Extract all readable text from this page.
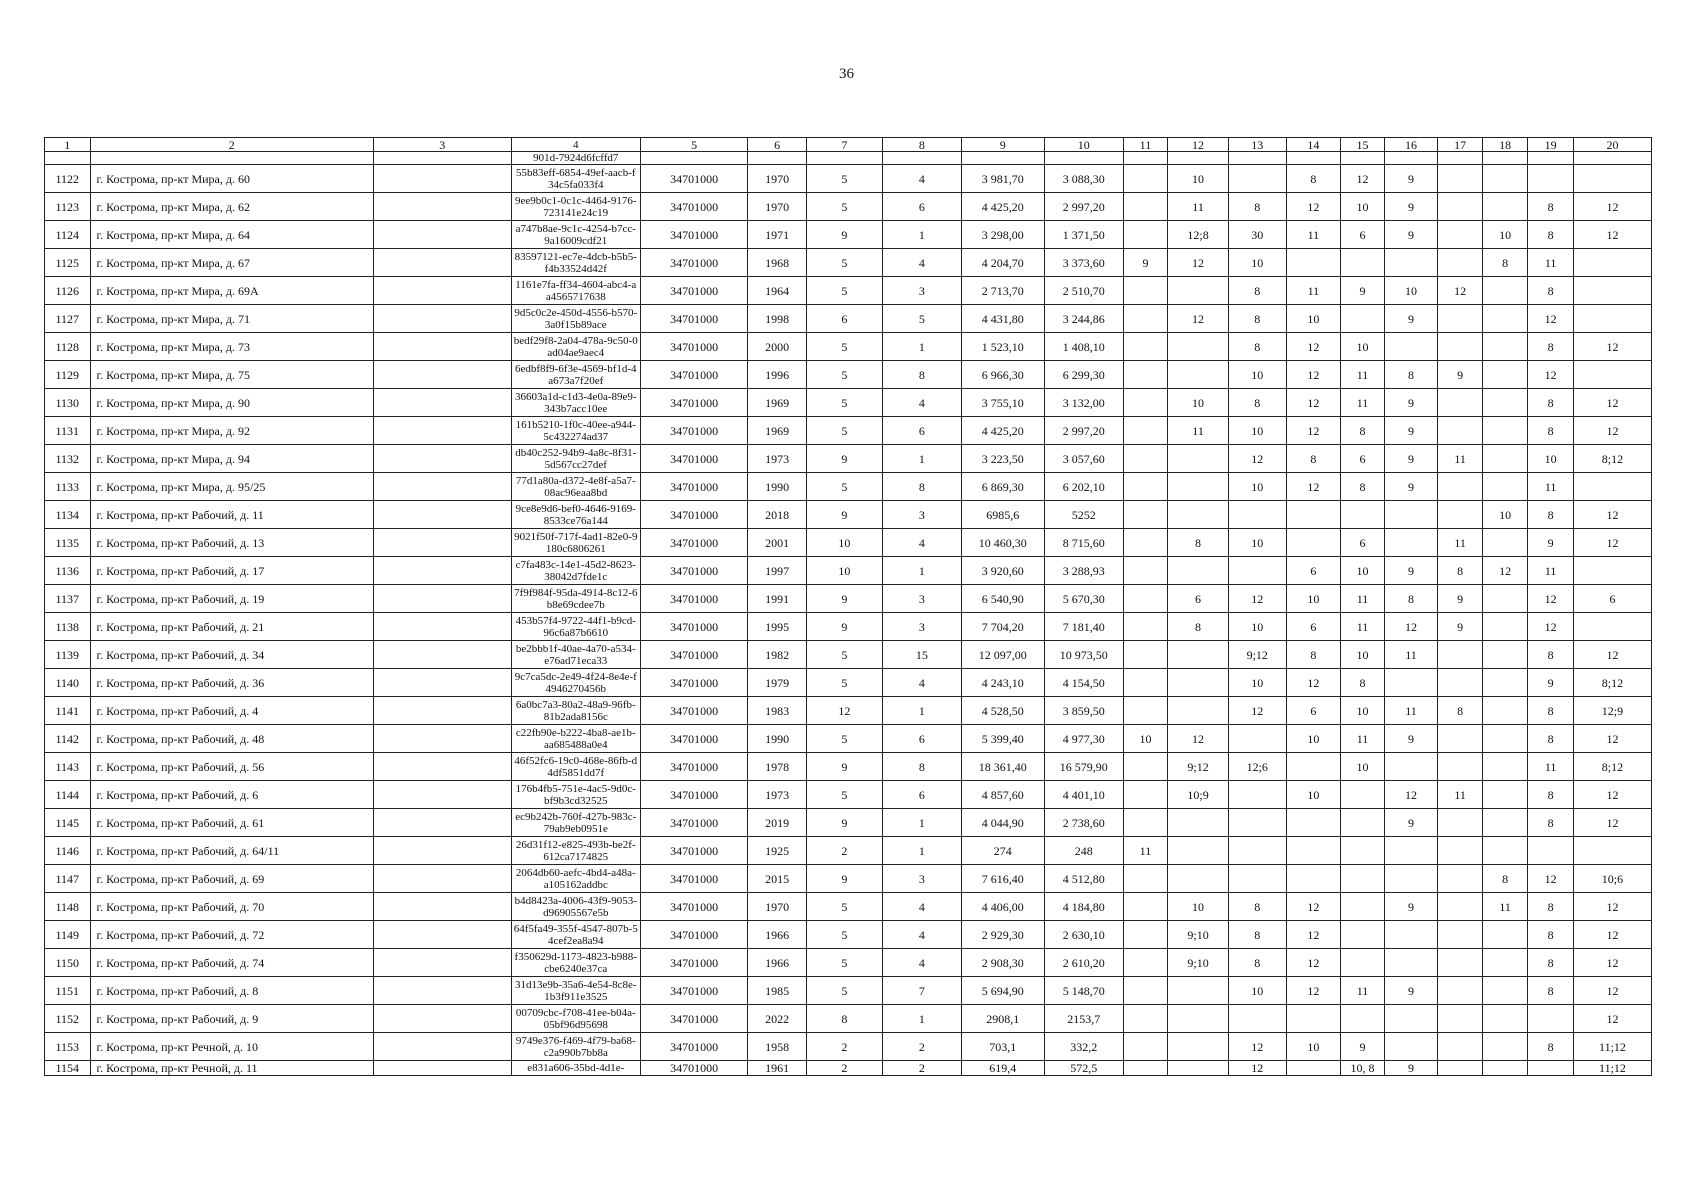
36
1	2	3	4	5	6	7	8	9	10	11	12	13	14	15	16	17	18	19	20
			901d-7924d6fcffd7																
1122	г. Кострома, пр-кт Мира, д. 60		55b83eff-6854-49ef-aacb-f34c5fa033f4	34701000	1970	5	4	3 981,70	3 088,30		10		8	12	9				
1123	г. Кострома, пр-кт Мира, д. 62		9ee9b0c1-0c1c-4464-9176-723141e24c19	34701000	1970	5	6	4 425,20	2 997,20		11	8	12	10	9			8	12
1124	г. Кострома, пр-кт Мира, д. 64		a747b8ae-9c1c-4254-b7cc-9a16009cdf21	34701000	1971	9	1	3 298,00	1 371,50		12;8	30	11	6	9		10	8	12
1125	г. Кострома, пр-кт Мира, д. 67		83597121-ec7e-4dcb-b5b5-f4b33524d42f	34701000	1968	5	4	4 204,70	3 373,60	9	12	10					8	11	
1126	г. Кострома, пр-кт Мира, д. 69А		1161e7fa-ff34-4604-abc4-aa4565717638	34701000	1964	5	3	2 713,70	2 510,70			8	11	9	10	12		8	
1127	г. Кострома, пр-кт Мира, д. 71		9d5c0c2e-450d-4556-b570-3a0f15b89ace	34701000	1998	6	5	4 431,80	3 244,86		12	8	10		9			12	
1128	г. Кострома, пр-кт Мира, д. 73		bedf29f8-2a04-478a-9c50-0ad04ae9aec4	34701000	2000	5	1	1 523,10	1 408,10			8	12	10				8	12
1129	г. Кострома, пр-кт Мира, д. 75		6edbf8f9-6f3e-4569-bf1d-4a673a7f20ef	34701000	1996	5	8	6 966,30	6 299,30			10	12	11	8	9		12	
1130	г. Кострома, пр-кт Мира, д. 90		36603a1d-c1d3-4e0a-89e9-343b7acc10ee	34701000	1969	5	4	3 755,10	3 132,00		10	8	12	11	9			8	12
1131	г. Кострома, пр-кт Мира, д. 92		161b5210-1f0c-40ee-a944-5c432274ad37	34701000	1969	5	6	4 425,20	2 997,20		11	10	12	8	9			8	12
1132	г. Кострома, пр-кт Мира, д. 94		db40c252-94b9-4a8c-8f31-5d567cc27def	34701000	1973	9	1	3 223,50	3 057,60			12	8	6	9	11		10	8;12
1133	г. Кострома, пр-кт Мира, д. 95/25		77d1a80a-d372-4e8f-a5a7-08ac96eaa8bd	34701000	1990	5	8	6 869,30	6 202,10			10	12	8	9			11	
1134	г. Кострома, пр-кт Рабочий, д. 11		9ce8e9d6-bef0-4646-9169-8533ce76a144	34701000	2018	9	3	6985,6	5252								10	8	12
1135	г. Кострома, пр-кт Рабочий, д. 13		9021f50f-717f-4ad1-82e0-9180c6806261	34701000	2001	10	4	10 460,30	8 715,60		8	10		6		11		9	12
1136	г. Кострома, пр-кт Рабочий, д. 17		c7fa483c-14e1-45d2-8623-38042d7fde1c	34701000	1997	10	1	3 920,60	3 288,93				6	10	9	8	12	11	
1137	г. Кострома, пр-кт Рабочий, д. 19		7f9f984f-95da-4914-8c12-6b8e69cdee7b	34701000	1991	9	3	6 540,90	5 670,30		6	12	10	11	8	9		12	6
1138	г. Кострома, пр-кт Рабочий, д. 21		453b57f4-9722-44f1-b9cd-96c6a87b6610	34701000	1995	9	3	7 704,20	7 181,40		8	10	6	11	12	9		12	
1139	г. Кострома, пр-кт Рабочий, д. 34		be2bbb1f-40ae-4a70-a534-e76ad71eca33	34701000	1982	5	15	12 097,00	10 973,50			9;12	8	10	11			8	12
1140	г. Кострома, пр-кт Рабочий, д. 36		9c7ca5dc-2e49-4f24-8e4e-f4946270456b	34701000	1979	5	4	4 243,10	4 154,50			10	12	8				9	8;12
1141	г. Кострома, пр-кт Рабочий, д. 4		6a0bc7a3-80a2-48a9-96fb-81b2ada8156c	34701000	1983	12	1	4 528,50	3 859,50			12	6	10	11	8		8	12;9
1142	г. Кострома, пр-кт Рабочий, д. 48		c22fb90e-b222-4ba8-ae1b-aa685488a0e4	34701000	1990	5	6	5 399,40	4 977,30	10	12		10	11	9			8	12
1143	г. Кострома, пр-кт Рабочий, д. 56		46f52fc6-19c0-468e-86fb-d4df5851dd7f	34701000	1978	9	8	18 361,40	16 579,90		9;12	12;6		10				11	8;12
1144	г. Кострома, пр-кт Рабочий, д. 6		176b4fb5-751e-4ac5-9d0c-bf9b3cd32525	34701000	1973	5	6	4 857,60	4 401,10		10;9		10		12	11		8	12
1145	г. Кострома, пр-кт Рабочий, д. 61		ec9b242b-760f-427b-983c-79ab9eb0951e	34701000	2019	9	1	4 044,90	2 738,60						9			8	12
1146	г. Кострома, пр-кт Рабочий, д. 64/11		26d31f12-e825-493b-be2f-612ca7174825	34701000	1925	2	1	274	248	11									
1147	г. Кострома, пр-кт Рабочий, д. 69		2064db60-aefc-4bd4-a48a-a105162addbc	34701000	2015	9	3	7 616,40	4 512,80								8	12	10;6
1148	г. Кострома, пр-кт Рабочий, д. 70		b4d8423a-4006-43f9-9053-d96905567e5b	34701000	1970	5	4	4 406,00	4 184,80		10	8	12		9		11	8	12
1149	г. Кострома, пр-кт Рабочий, д. 72		64f5fa49-355f-4547-807b-54cef2ea8a94	34701000	1966	5	4	2 929,30	2 630,10		9;10	8	12					8	12
1150	г. Кострома, пр-кт Рабочий, д. 74		f350629d-1173-4823-b988-cbe6240e37ca	34701000	1966	5	4	2 908,30	2 610,20		9;10	8	12					8	12
1151	г. Кострома, пр-кт Рабочий, д. 8		31d13e9b-35a6-4e54-8c8e-1b3f911e3525	34701000	1985	5	7	5 694,90	5 148,70			10	12	11	9			8	12
1152	г. Кострома, пр-кт Рабочий, д. 9		00709cbc-f708-41ee-b04a-05bf96d95698	34701000	2022	8	1	2908,1	2153,7										12
1153	г. Кострома, пр-кт Речной, д. 10		9749e376-f469-4f79-ba68-c2a990b7bb8a	34701000	1958	2	2	703,1	332,2			12	10	9				8	11;12
1154	г. Кострома, пр-кт Речной, д. 11		e831a606-35bd-4d1e-	34701000	1961	2	2	619,4	572,5			12		10, 8	9				11;12
